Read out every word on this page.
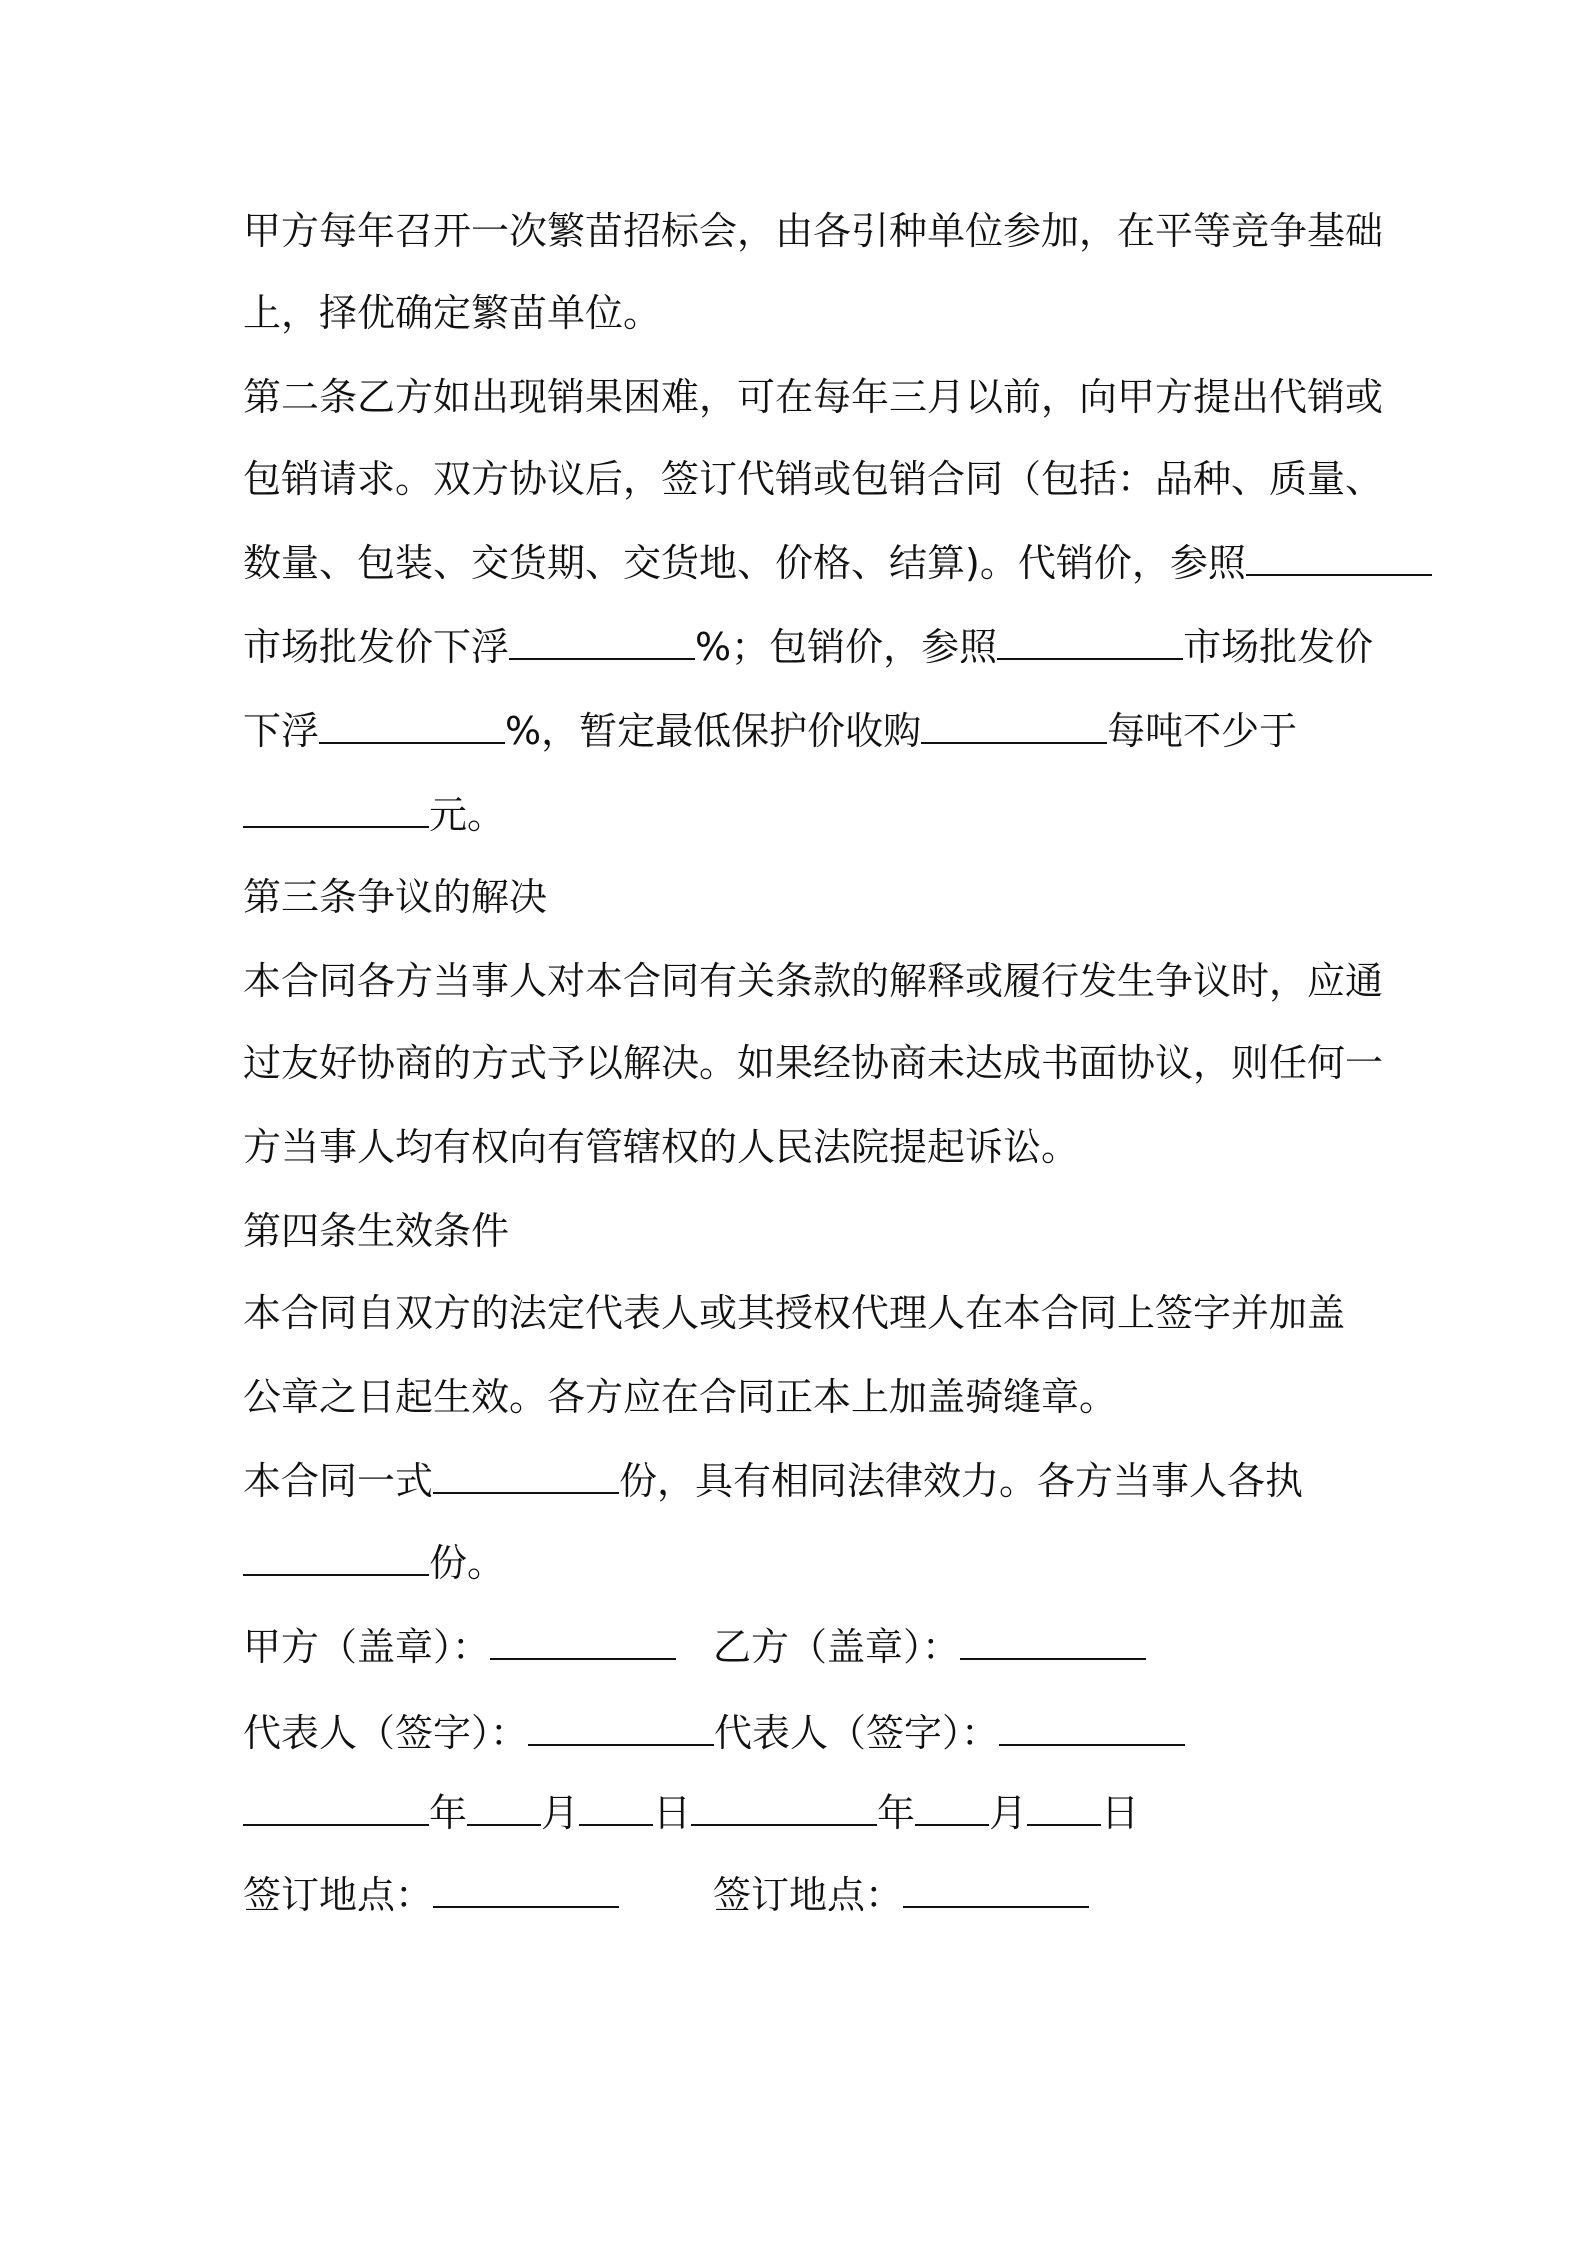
甲方每年召开一次繁苗招标会，由各引种单位参加，在平等竞争基础
上，择优确定繁苗单位。
第二条乙方如出现销果困难，可在每年三月以前，向甲方提出代销或
包销请求。双方协议后，签订代销或包销合同（包括：品种、质量、
数量、包装、交货期、交货地、价格、结算)。代销价，参照
市场批发价下浮	%；包销价，参照	市场批发价
下浮	%，暂定最低保护价收购	每吨不少于
元。
第三条争议的解决
本合同各方当事人对本合同有关条款的解释或履行发生争议时，应通
过友好协商的方式予以解决。如果经协商未达成书面协议，则任何一
方当事人均有权向有管辖权的人民法院提起诉讼。
第四条生效条件
本合同自双方的法定代表人或其授权代理人在本合同上签字并加盖
公章之日起生效。各方应在合同正本上加盖骑缝章。
本合同一式	份，具有相同法律效力。各方当事人各执
份。
甲方（盖章）：	乙方（盖章）：
代表人（签字）：	代表人（签字）：
年 月 日	年 月 日
签订地点：	签订地点：
